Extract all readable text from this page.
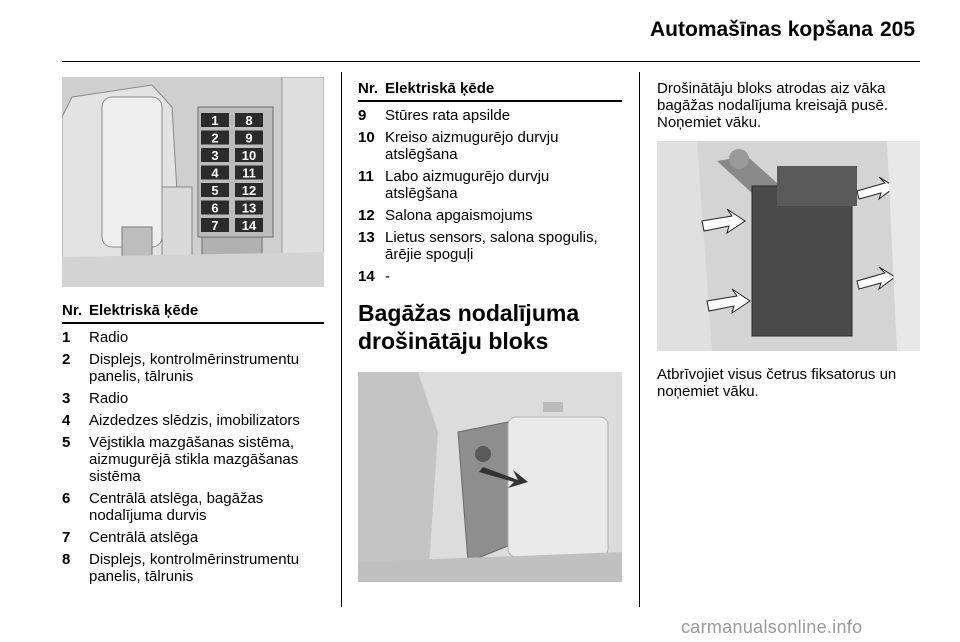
Automašīnas kopšana 205
1
2
3
4
5
6
7
8
9
10
11
12
13
14
Nr. Elektriskā ķēde
1	Radio
2	Displejs, kontrolmērinstrumentu panelis, tālrunis
3	Radio
4	Aizdedzes slēdzis, imobilizators
5	Vējstikla mazgāšanas sistēma, aizmugurējā stikla mazgāšanas sistēma
6	Centrālā atslēga, bagāžas nodalījuma durvis
7	Centrālā atslēga
8	Displejs, kontrolmērinstrumentu panelis, tālrunis
Nr. Elektriskā ķēde
9	Stūres rata apsilde
10 Kreiso aizmugurējo durvju atslēgšana
11 Labo aizmugurējo durvju atslēgšana
12 Salona apgaismojums
13 Lietus sensors, salona spogulis, ārējie spoguļi
14 -
Bagāžas nodalījuma drošinātāju bloks
Drošinātāju bloks atrodas aiz vāka bagāžas nodalījuma kreisajā pusē. Noņemiet vāku.
Atbrīvojiet visus četrus fiksatorus un noņemiet vāku.
carmanualsonline.info
